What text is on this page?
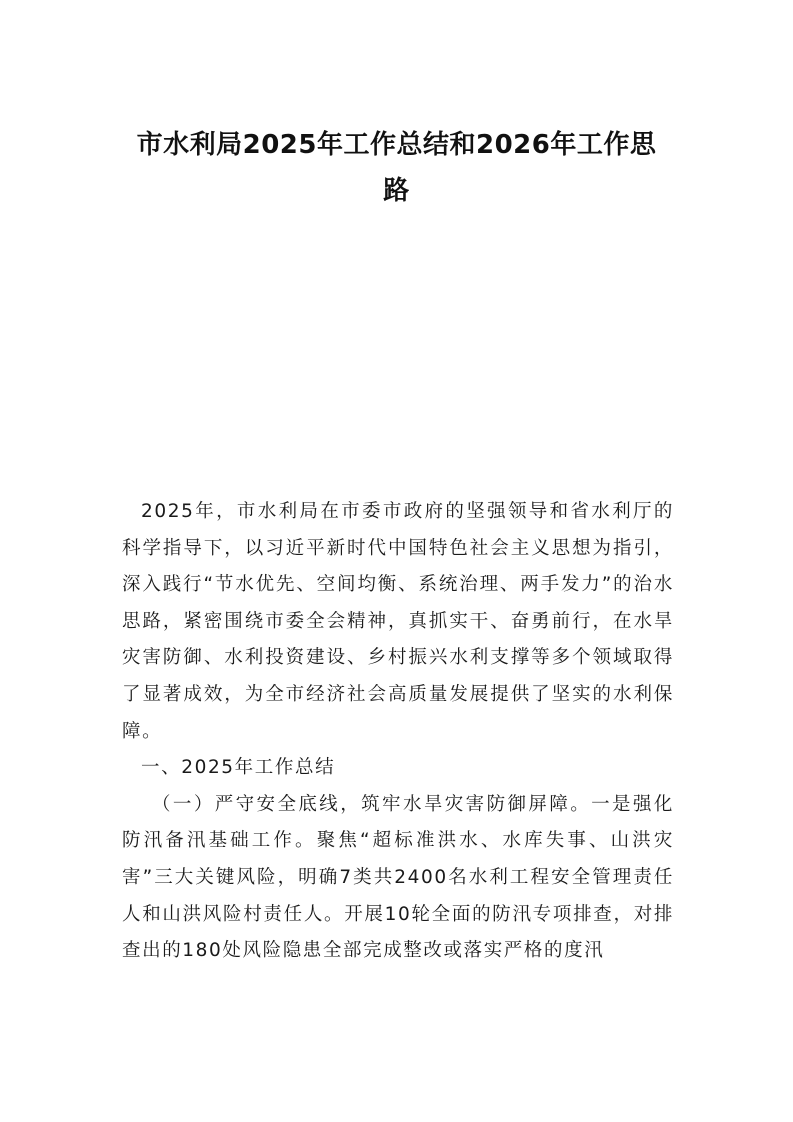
市水利局2025年工作总结和2026年工作思
路

2025年，市水利局在市委市政府的坚强领导和省水利厅的科学指导下，以习近平新时代中国特色社会主义思想为指引，深入践行“节水优先、空间均衡、系统治理、两手发力”的治水思路，紧密围绕市委全会精神，真抓实干、奋勇前行，在水旱灾害防御、水利投资建设、乡村振兴水利支撑等多个领域取得了显著成效，为全市经济社会高质量发展提供了坚实的水利保障。

一、2025年工作总结

（一）严守安全底线，筑牢水旱灾害防御屏障。一是强化防汛备汛基础工作。聚焦“超标准洪水、水库失事、山洪灾害”三大关键风险，明确7类共2400名水利工程安全管理责任人和山洪风险村责任人。开展10轮全面的防汛专项排查，对排查出的180处风险隐患全部完成整改或落实严格的度汛
